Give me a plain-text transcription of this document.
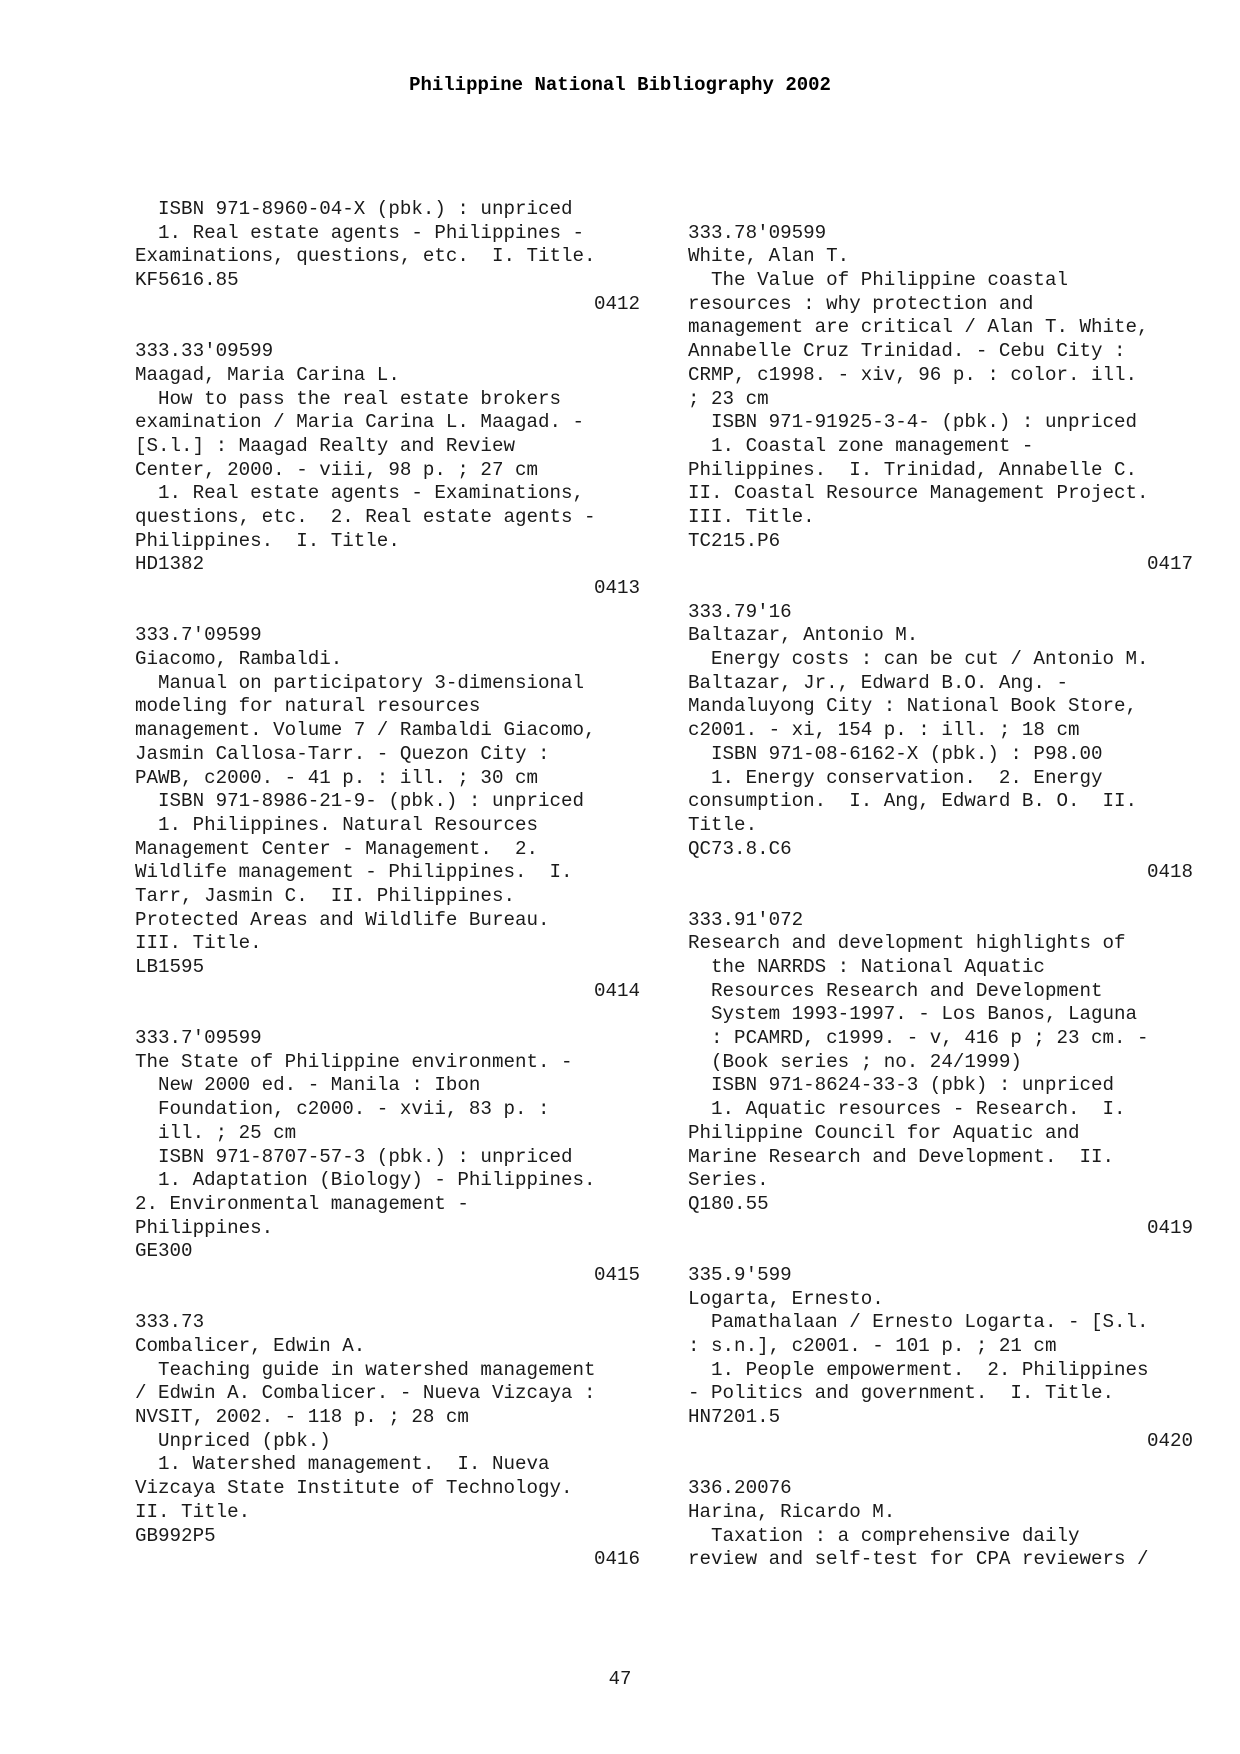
Philippine National Bibliography 2002
ISBN 971-8960-04-X (pbk.) : unpriced
1. Real estate agents - Philippines -
Examinations, questions, etc.  I. Title.
KF5616.85
0412
333.33'09599
Maagad, Maria Carina L.
How to pass the real estate brokers
examination / Maria Carina L. Maagad. -
[S.l.] : Maagad Realty and Review
Center, 2000. - viii, 98 p. ; 27 cm
1. Real estate agents - Examinations,
questions, etc.  2. Real estate agents -
Philippines.  I. Title.
HD1382
0413
333.7'09599
Giacomo, Rambaldi.
Manual on participatory 3-dimensional
modeling for natural resources
management. Volume 7 / Rambaldi Giacomo,
Jasmin Callosa-Tarr. - Quezon City :
PAWB, c2000. - 41 p. : ill. ; 30 cm
ISBN 971-8986-21-9- (pbk.) : unpriced
1. Philippines. Natural Resources
Management Center - Management.  2.
Wildlife management - Philippines.  I.
Tarr, Jasmin C.  II. Philippines.
Protected Areas and Wildlife Bureau.
III. Title.
LB1595
0414
333.7'09599
The State of Philippine environment. -
New 2000 ed. - Manila : Ibon
Foundation, c2000. - xvii, 83 p. :
ill. ; 25 cm
ISBN 971-8707-57-3 (pbk.) : unpriced
1. Adaptation (Biology) - Philippines.
2. Environmental management -
Philippines.
GE300
0415
333.73
Combalicer, Edwin A.
Teaching guide in watershed management
/ Edwin A. Combalicer. - Nueva Vizcaya :
NVSIT, 2002. - 118 p. ; 28 cm
Unpriced (pbk.)
1. Watershed management.  I. Nueva
Vizcaya State Institute of Technology.
II. Title.
GB992P5
0416
333.78'09599
White, Alan T.
The Value of Philippine coastal
resources : why protection and
management are critical / Alan T. White,
Annabelle Cruz Trinidad. - Cebu City :
CRMP, c1998. - xiv, 96 p. : color. ill.
; 23 cm
ISBN 971-91925-3-4- (pbk.) : unpriced
1. Coastal zone management -
Philippines.  I. Trinidad, Annabelle C.
II. Coastal Resource Management Project.
III. Title.
TC215.P6
0417
333.79'16
Baltazar, Antonio M.
Energy costs : can be cut / Antonio M.
Baltazar, Jr., Edward B.O. Ang. -
Mandaluyong City : National Book Store,
c2001. - xi, 154 p. : ill. ; 18 cm
ISBN 971-08-6162-X (pbk.) : P98.00
1. Energy conservation.  2. Energy
consumption.  I. Ang, Edward B. O.  II.
Title.
QC73.8.C6
0418
333.91'072
Research and development highlights of
the NARRDS : National Aquatic
Resources Research and Development
System 1993-1997. - Los Banos, Laguna
: PCAMRD, c1999. - v, 416 p ; 23 cm. -
(Book series ; no. 24/1999)
ISBN 971-8624-33-3 (pbk) : unpriced
1. Aquatic resources - Research.  I.
Philippine Council for Aquatic and
Marine Research and Development.  II.
Series.
Q180.55
0419
335.9'599
Logarta, Ernesto.
Pamathalaan / Ernesto Logarta. - [S.l.
: s.n.], c2001. - 101 p. ; 21 cm
1. People empowerment.  2. Philippines
- Politics and government.  I. Title.
HN7201.5
0420
336.20076
Harina, Ricardo M.
Taxation : a comprehensive daily
review and self-test for CPA reviewers /
47
